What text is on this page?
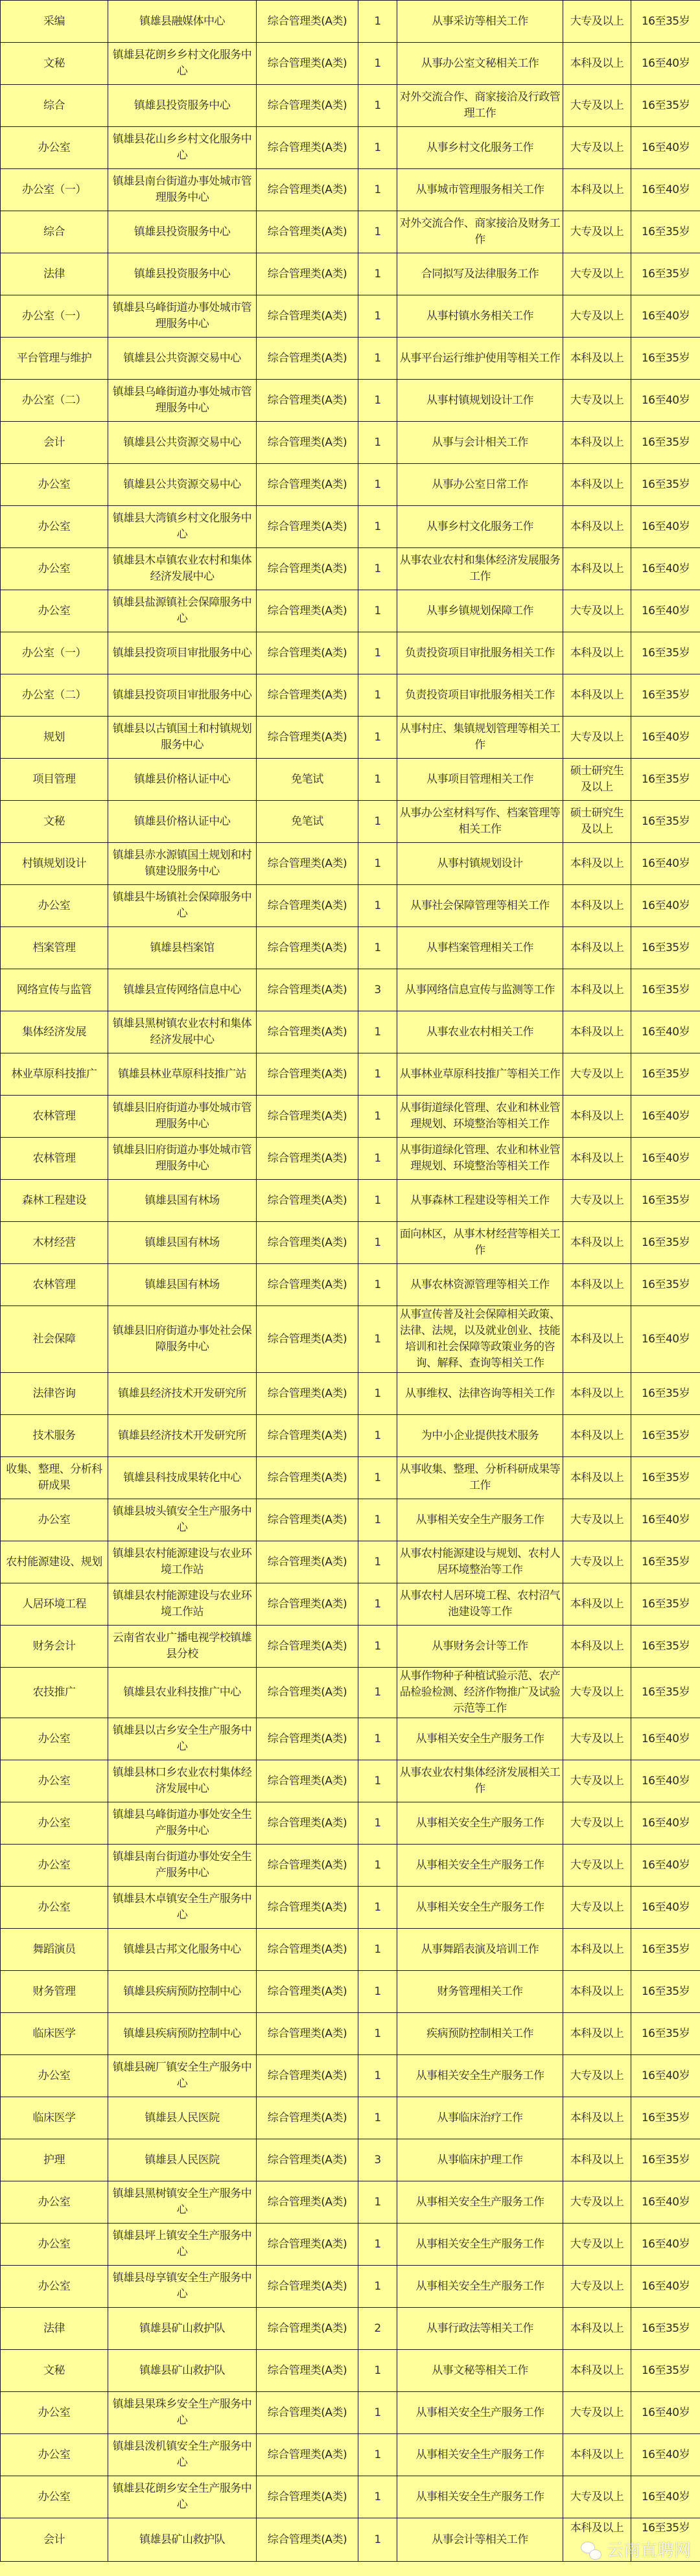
采编	镇雄县融媒体中心	综合管理类(A类)	1	从事采访等相关工作	大专及以上	16至35岁
文秘	镇雄县花朗乡乡村文化服务中心	综合管理类(A类)	1	从事办公室文秘相关工作	本科及以上	16至40岁
综合	镇雄县投资服务中心	综合管理类(A类)	1	对外交流合作、商家接洽及行政管理工作	大专及以上	16至35岁
办公室	镇雄县花山乡乡村文化服务中心	综合管理类(A类)	1	从事乡村文化服务工作	大专及以上	16至40岁
办公室（一）	镇雄县南台街道办事处城市管理服务中心	综合管理类(A类)	1	从事城市管理服务相关工作	本科及以上	16至40岁
综合	镇雄县投资服务中心	综合管理类(A类)	1	对外交流合作、商家接洽及财务工作	大专及以上	16至35岁
法律	镇雄县投资服务中心	综合管理类(A类)	1	合同拟写及法律服务工作	大专及以上	16至35岁
办公室（一）	镇雄县乌峰街道办事处城市管理服务中心	综合管理类(A类)	1	从事村镇水务相关工作	大专及以上	16至40岁
平台管理与维护	镇雄县公共资源交易中心	综合管理类(A类)	1	从事平台运行维护使用等相关工作	本科及以上	16至35岁
办公室（二）	镇雄县乌峰街道办事处城市管理服务中心	综合管理类(A类)	1	从事村镇规划设计工作	大专及以上	16至40岁
会计	镇雄县公共资源交易中心	综合管理类(A类)	1	从事与会计相关工作	本科及以上	16至35岁
办公室	镇雄县公共资源交易中心	综合管理类(A类)	1	从事办公室日常工作	本科及以上	16至35岁
办公室	镇雄县大湾镇乡村文化服务中心	综合管理类(A类)	1	从事乡村文化服务工作	本科及以上	16至40岁
办公室	镇雄县木卓镇农业农村和集体经济发展中心	综合管理类(A类)	1	从事农业农村和集体经济发展服务工作	本科及以上	16至40岁
办公室	镇雄县盐源镇社会保障服务中心	综合管理类(A类)	1	从事乡镇规划保障工作	大专及以上	16至40岁
办公室（一）	镇雄县投资项目审批服务中心	综合管理类(A类)	1	负责投资项目审批服务相关工作	本科及以上	16至35岁
办公室（二）	镇雄县投资项目审批服务中心	综合管理类(A类)	1	负责投资项目审批服务相关工作	本科及以上	16至35岁
规划	镇雄县以古镇国土和村镇规划服务中心	综合管理类(A类)	1	从事村庄、集镇规划管理等相关工作	大专及以上	16至40岁
项目管理	镇雄县价格认证中心	免笔试	1	从事项目管理相关工作	硕士研究生及以上	16至35岁
文秘	镇雄县价格认证中心	免笔试	1	从事办公室材料写作、档案管理等相关工作	硕士研究生及以上	16至35岁
村镇规划设计	镇雄县赤水源镇国土规划和村镇建设服务中心	综合管理类(A类)	1	从事村镇规划设计	本科及以上	16至40岁
办公室	镇雄县牛场镇社会保障服务中心	综合管理类(A类)	1	从事社会保障管理等相关工作	本科及以上	16至40岁
档案管理	镇雄县档案馆	综合管理类(A类)	1	从事档案管理相关工作	本科及以上	16至35岁
网络宣传与监管	镇雄县宣传网络信息中心	综合管理类(A类)	3	从事网络信息宣传与监测等工作	本科及以上	16至35岁
集体经济发展	镇雄县黑树镇农业农村和集体经济发展中心	综合管理类(A类)	1	从事农业农村相关工作	本科及以上	16至40岁
林业草原科技推广	镇雄县林业草原科技推广站	综合管理类(A类)	1	从事林业草原科技推广等相关工作	大专及以上	16至35岁
农林管理	镇雄县旧府街道办事处城市管理服务中心	综合管理类(A类)	1	从事街道绿化管理、农业和林业管理规划、环境整治等相关工作	本科及以上	16至40岁
农林管理	镇雄县旧府街道办事处城市管理服务中心	综合管理类(A类)	1	从事街道绿化管理、农业和林业管理规划、环境整治等相关工作	本科及以上	16至40岁
森林工程建设	镇雄县国有林场	综合管理类(A类)	1	从事森林工程建设等相关工作	大专及以上	16至35岁
木材经营	镇雄县国有林场	综合管理类(A类)	1	面向林区，从事木材经营等相关工作	本科及以上	16至35岁
农林管理	镇雄县国有林场	综合管理类(A类)	1	从事农林资源管理等相关工作	本科及以上	16至35岁
社会保障	镇雄县旧府街道办事处社会保障服务中心	综合管理类(A类)	1	从事宣传普及社会保障相关政策、法律、法规，以及就业创业、技能培训和社会保障等政策业务的咨询、解释、查询等相关工作	本科及以上	16至40岁
法律咨询	镇雄县经济技术开发研究所	综合管理类(A类)	1	从事维权、法律咨询等相关工作	本科及以上	16至35岁
技术服务	镇雄县经济技术开发研究所	综合管理类(A类)	1	为中小企业提供技术服务	本科及以上	16至35岁
收集、整理、分析科研成果	镇雄县科技成果转化中心	综合管理类(A类)	1	从事收集、整理、分析科研成果等工作	本科及以上	16至35岁
办公室	镇雄县坡头镇安全生产服务中心	综合管理类(A类)	1	从事相关安全生产服务工作	大专及以上	16至40岁
农村能源建设、规划	镇雄县农村能源建设与农业环境工作站	综合管理类(A类)	1	从事农村能源建设与规划、农村人居环境整治等工作	大专及以上	16至35岁
人居环境工程	镇雄县农村能源建设与农业环境工作站	综合管理类(A类)	1	从事农村人居环境工程、农村沼气池建设等工作	本科及以上	16至35岁
财务会计	云南省农业广播电视学校镇雄县分校	综合管理类(A类)	1	从事财务会计等工作	本科及以上	16至35岁
农技推广	镇雄县农业科技推广中心	综合管理类(A类)	1	从事作物种子种植试验示范、农产品检验检测、经济作物推广及试验示范等工作	大专及以上	16至35岁
办公室	镇雄县以古乡安全生产服务中心	综合管理类(A类)	1	从事相关安全生产服务工作	大专及以上	16至40岁
办公室	镇雄县林口乡农业农村集体经济发展中心	综合管理类(A类)	1	从事农业农村集体经济发展相关工作	大专及以上	16至40岁
办公室	镇雄县乌峰街道办事处安全生产服务中心	综合管理类(A类)	1	从事相关安全生产服务工作	大专及以上	16至40岁
办公室	镇雄县南台街道办事处安全生产服务中心	综合管理类(A类)	1	从事相关安全生产服务工作	大专及以上	16至40岁
办公室	镇雄县木卓镇安全生产服务中心	综合管理类(A类)	1	从事相关安全生产服务工作	大专及以上	16至40岁
舞蹈演员	镇雄县古邦文化服务中心	综合管理类(A类)	1	从事舞蹈表演及培训工作	本科及以上	16至35岁
财务管理	镇雄县疾病预防控制中心	综合管理类(A类)	1	财务管理相关工作	本科及以上	16至35岁
临床医学	镇雄县疾病预防控制中心	综合管理类(A类)	1	疾病预防控制相关工作	本科及以上	16至35岁
办公室	镇雄县碗厂镇安全生产服务中心	综合管理类(A类)	1	从事相关安全生产服务工作	大专及以上	16至40岁
临床医学	镇雄县人民医院	综合管理类(A类)	1	从事临床治疗工作	本科及以上	16至35岁
护理	镇雄县人民医院	综合管理类(A类)	3	从事临床护理工作	本科及以上	16至35岁
办公室	镇雄县黑树镇安全生产服务中心	综合管理类(A类)	1	从事相关安全生产服务工作	大专及以上	16至40岁
办公室	镇雄县坪上镇安全生产服务中心	综合管理类(A类)	1	从事相关安全生产服务工作	大专及以上	16至40岁
办公室	镇雄县母享镇安全生产服务中心	综合管理类(A类)	1	从事相关安全生产服务工作	大专及以上	16至40岁
法律	镇雄县矿山救护队	综合管理类(A类)	2	从事行政法等相关工作	本科及以上	16至35岁
文秘	镇雄县矿山救护队	综合管理类(A类)	1	从事文秘等相关工作	本科及以上	16至35岁
办公室	镇雄县果珠乡安全生产服务中心	综合管理类(A类)	1	从事相关安全生产服务工作	大专及以上	16至40岁
办公室	镇雄县泼机镇安全生产服务中心	综合管理类(A类)	1	从事相关安全生产服务工作	本科及以上	16至40岁
办公室	镇雄县花朗乡安全生产服务中心	综合管理类(A类)	1	从事相关安全生产服务工作	大专及以上	16至40岁
会计	镇雄县矿山救护队	综合管理类(A类)	1	从事会计等相关工作	本科及以上	16至35岁
云南直聘网
